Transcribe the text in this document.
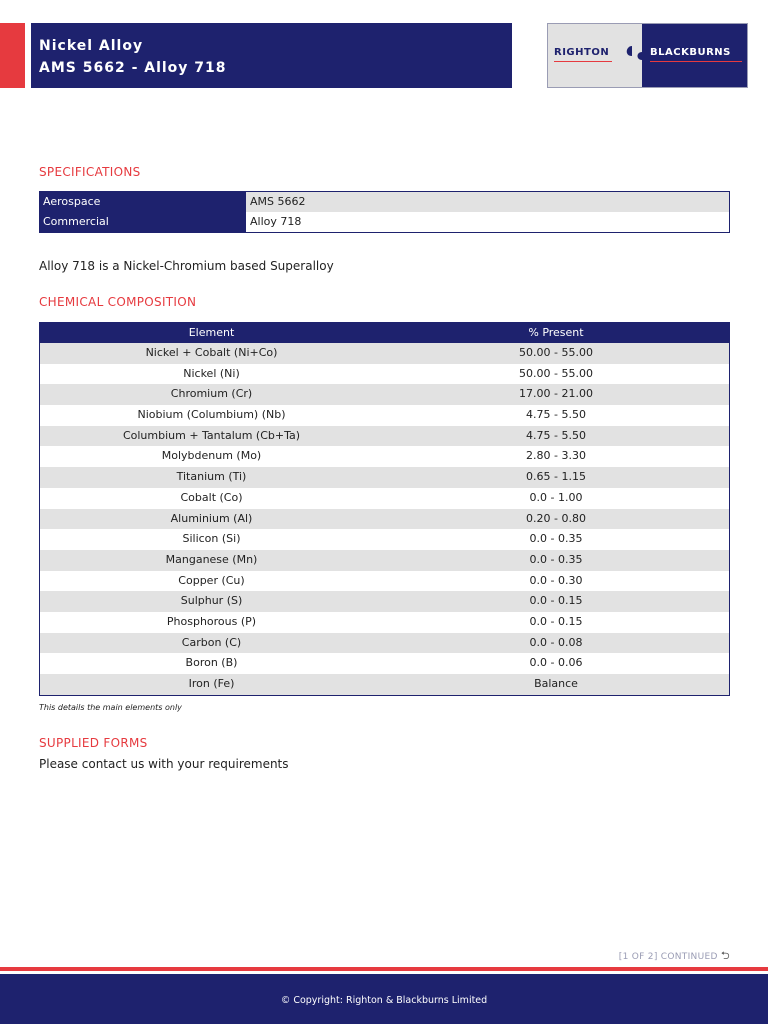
Nickel Alloy
AMS 5662 - Alloy 718
RIGHTON	BLACKBURNS
SPECIFICATIONS
Aerospace	AMS 5662
Commercial	Alloy 718
Alloy 718 is a Nickel-Chromium based Superalloy
CHEMICAL COMPOSITION
Element	% Present
Nickel + Cobalt (Ni+Co)	50.00 - 55.00
Nickel (Ni)	50.00 - 55.00
Chromium (Cr)	17.00 - 21.00
Niobium (Columbium) (Nb)	4.75 - 5.50
Columbium + Tantalum (Cb+Ta)	4.75 - 5.50
Molybdenum (Mo)	2.80 - 3.30
Titanium (Ti)	0.65 - 1.15
Cobalt (Co)	0.0 - 1.00
Aluminium (Al)	0.20 - 0.80
Silicon (Si)	0.0 - 0.35
Manganese (Mn)	0.0 - 0.35
Copper (Cu)	0.0 - 0.30
Sulphur (S)	0.0 - 0.15
Phosphorous (P)	0.0 - 0.15
Carbon (C)	0.0 - 0.08
Boron (B)	0.0 - 0.06
Iron (Fe)	Balance
This details the main elements only
SUPPLIED FORMS
Please contact us with your requirements
[1 OF 2] CONTINUED ⮌
© Copyright: Righton & Blackburns Limited
